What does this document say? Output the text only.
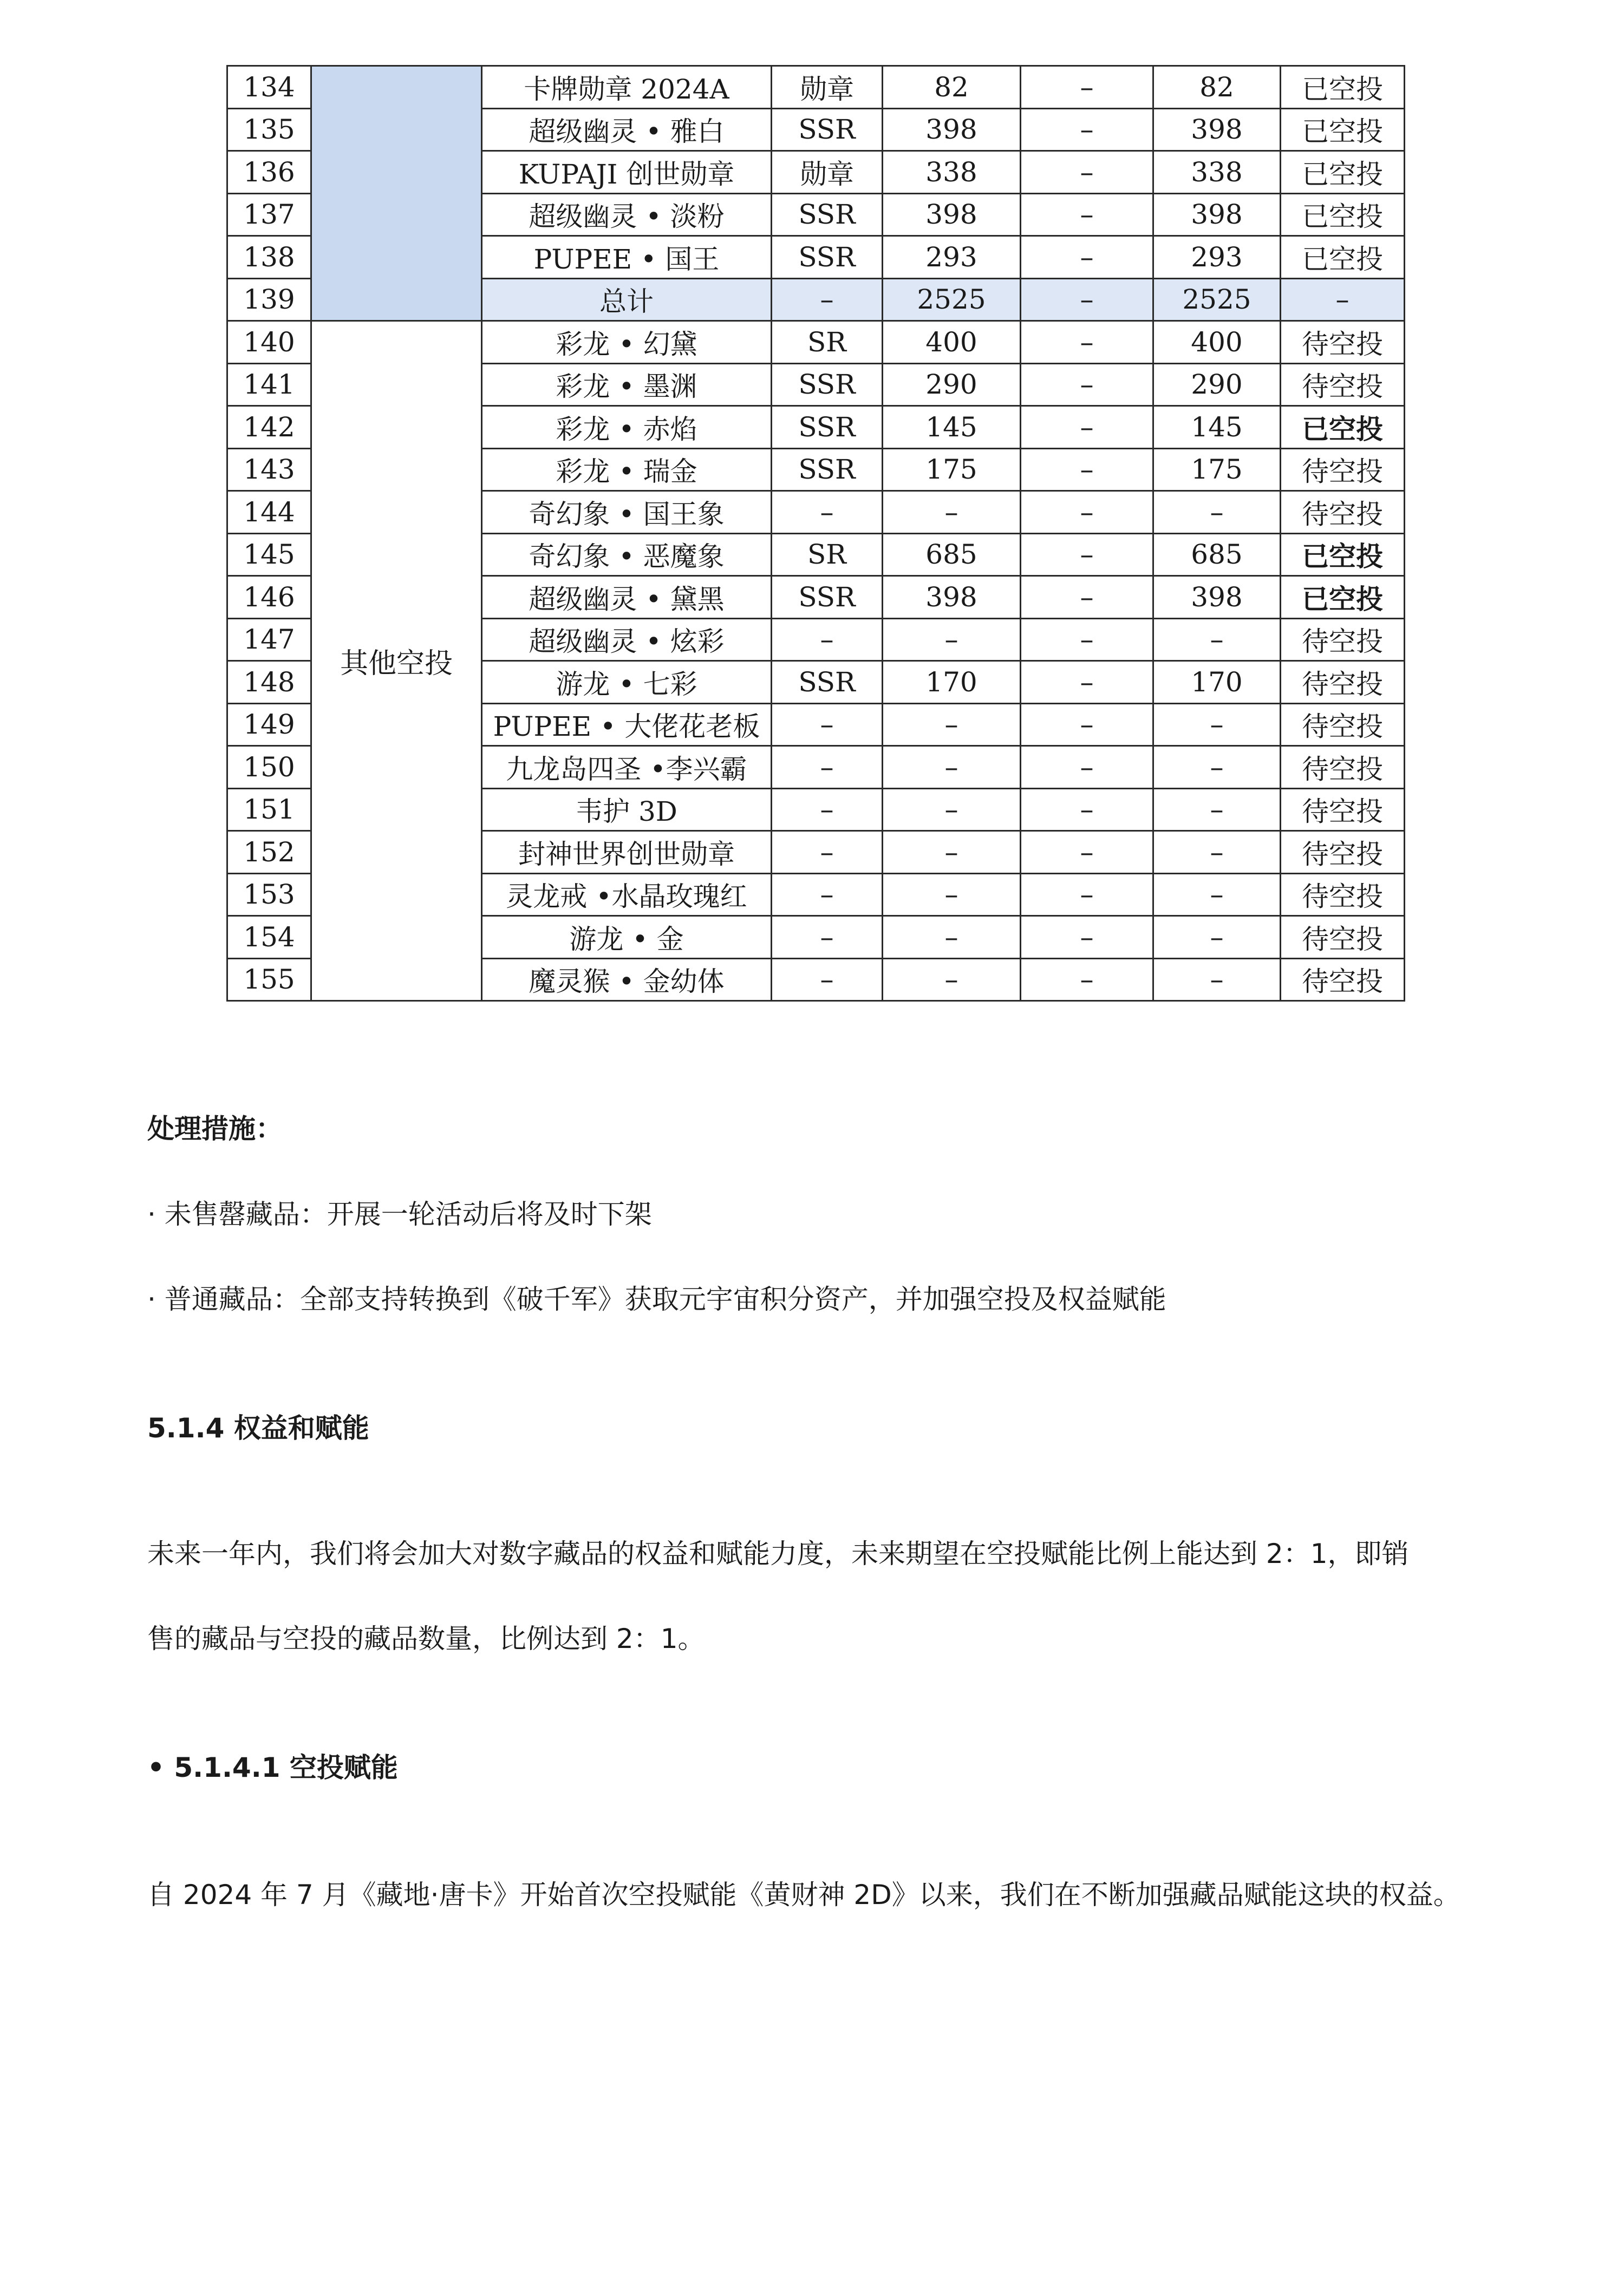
134		卡牌勋章 2024A	勋章	82	–	82	已空投
135		超级幽灵 • 雅白	SSR	398	–	398	已空投
136		KUPAJI 创世勋章	勋章	338	–	338	已空投
137		超级幽灵 • 淡粉	SSR	398	–	398	已空投
138		PUPEE • 国王	SSR	293	–	293	已空投
139		总计	–	2525	–	2525	–
140	其他空投	彩龙 • 幻黛	SR	400	–	400	待空投
141		彩龙 • 墨渊	SSR	290	–	290	待空投
142		彩龙 • 赤焰	SSR	145	–	145	已空投
143		彩龙 • 瑞金	SSR	175	–	175	待空投
144		奇幻象 • 国王象	–	–	–	–	待空投
145		奇幻象 • 恶魔象	SR	685	–	685	已空投
146		超级幽灵 • 黛黑	SSR	398	–	398	已空投
147		超级幽灵 • 炫彩	–	–	–	–	待空投
148		游龙 • 七彩	SSR	170	–	170	待空投
149		PUPEE • 大佬花老板	–	–	–	–	待空投
150		九龙岛四圣 •李兴霸	–	–	–	–	待空投
151		韦护 3D	–	–	–	–	待空投
152		封神世界创世勋章	–	–	–	–	待空投
153		灵龙戒 •水晶玫瑰红	–	–	–	–	待空投
154		游龙 • 金	–	–	–	–	待空投
155		魔灵猴 • 金幼体	–	–	–	–	待空投
处理措施：
· 未售罄藏品：开展一轮活动后将及时下架
· 普通藏品：全部支持转换到《破千军》获取元宇宙积分资产，并加强空投及权益赋能
5.1.4 权益和赋能
未来一年内，我们将会加大对数字藏品的权益和赋能力度，未来期望在空投赋能比例上能达到 2：1，即销
售的藏品与空投的藏品数量，比例达到 2：1。
• 5.1.4.1 空投赋能
自 2024 年 7 月《藏地·唐卡》开始首次空投赋能《黄财神 2D》以来，我们在不断加强藏品赋能这块的权益。
